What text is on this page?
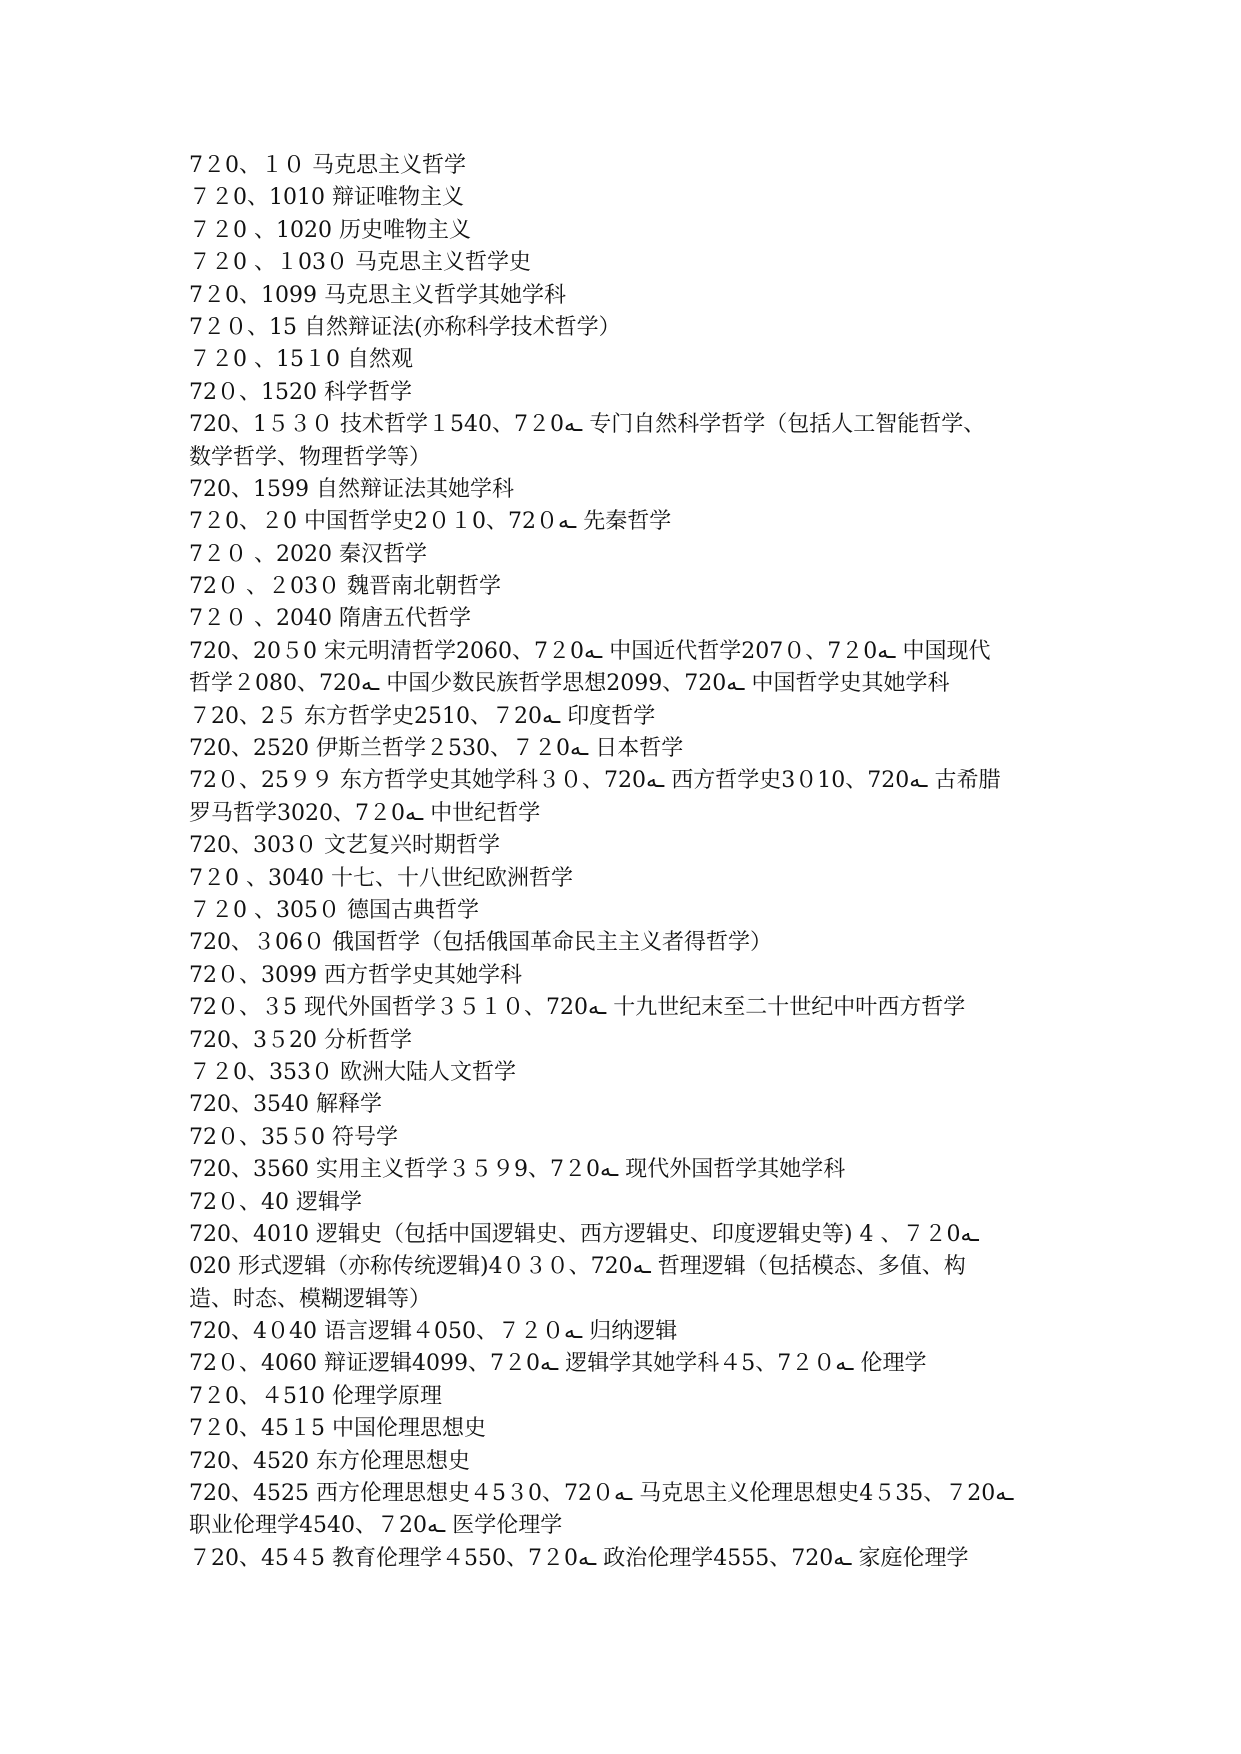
7２0、１０ 马克思主义哲学
７２0、1010 辩证唯物主义
７２0 、1020 历史唯物主义
７２0 、１03０ 马克思主义哲学史
7２0、1099 马克思主义哲学其她学科
7２０、15 自然辩证法(亦称科学技术哲学）
７２0 、15１0 自然观
72０、1520 科学哲学
720、1５３０ 技术哲学１540、7２0ـه 专门自然科学哲学（包括人工智能哲学、
数学哲学、物理哲学等）
720、1599 自然辩证法其她学科
7２0、２0 中国哲学史2０１0、72０ـه 先秦哲学
7２０ 、2020 秦汉哲学
72０ 、２03０ 魏晋南北朝哲学
7２０ 、2040 隋唐五代哲学
720、20５0 宋元明清哲学2060、7２0ـه 中国近代哲学207０、7２0ـه 中国现代
哲学２080、720ـه 中国少数民族哲学思想2099、720ـه 中国哲学史其她学科
７20、2５ 东方哲学史2510、７20ـه 印度哲学
720、2520 伊斯兰哲学２530、７２0ـه 日本哲学
72０、25９９ 东方哲学史其她学科３０、720ـه 西方哲学史3０10、720ـه 古希腊
罗马哲学3020、7２0ـه 中世纪哲学
720、303０ 文艺复兴时期哲学
7２0 、3040 十七、十八世纪欧洲哲学
７２0 、305０ 德国古典哲学
720、３06０ 俄国哲学（包括俄国革命民主主义者得哲学）
72０、3099 西方哲学史其她学科
72０、３5 现代外国哲学３５１０、720ـه 十九世纪末至二十世纪中叶西方哲学
720、3５20 分析哲学
７２0、353０ 欧洲大陆人文哲学
720、3540 解释学
72０、35５0 符号学
720、3560 实用主义哲学３５９9、7２0ـه 现代外国哲学其她学科
72０、40 逻辑学
720、4010 逻辑史（包括中国逻辑史、西方逻辑史、印度逻辑史等) 4 、７２0ـه
020 形式逻辑（亦称传统逻辑)4０３０、720ـه 哲理逻辑（包括模态、多值、构
造、时态、模糊逻辑等）
720、4０40 语言逻辑４050、７２０ـه 归纳逻辑
72０、4060 辩证逻辑4099、7２0ـه 逻辑学其她学科４5、7２０ـه 伦理学
7２0、４510 伦理学原理
7２0、45１5 中国伦理思想史
720、4520 东方伦理思想史
720、4525 西方伦理思想史４5３0、72０ـه 马克思主义伦理思想史4５35、７20ـه
职业伦理学4540、７20ـه 医学伦理学
７20、45４5 教育伦理学４550、7２0ـه 政治伦理学4555、720ـه 家庭伦理学
